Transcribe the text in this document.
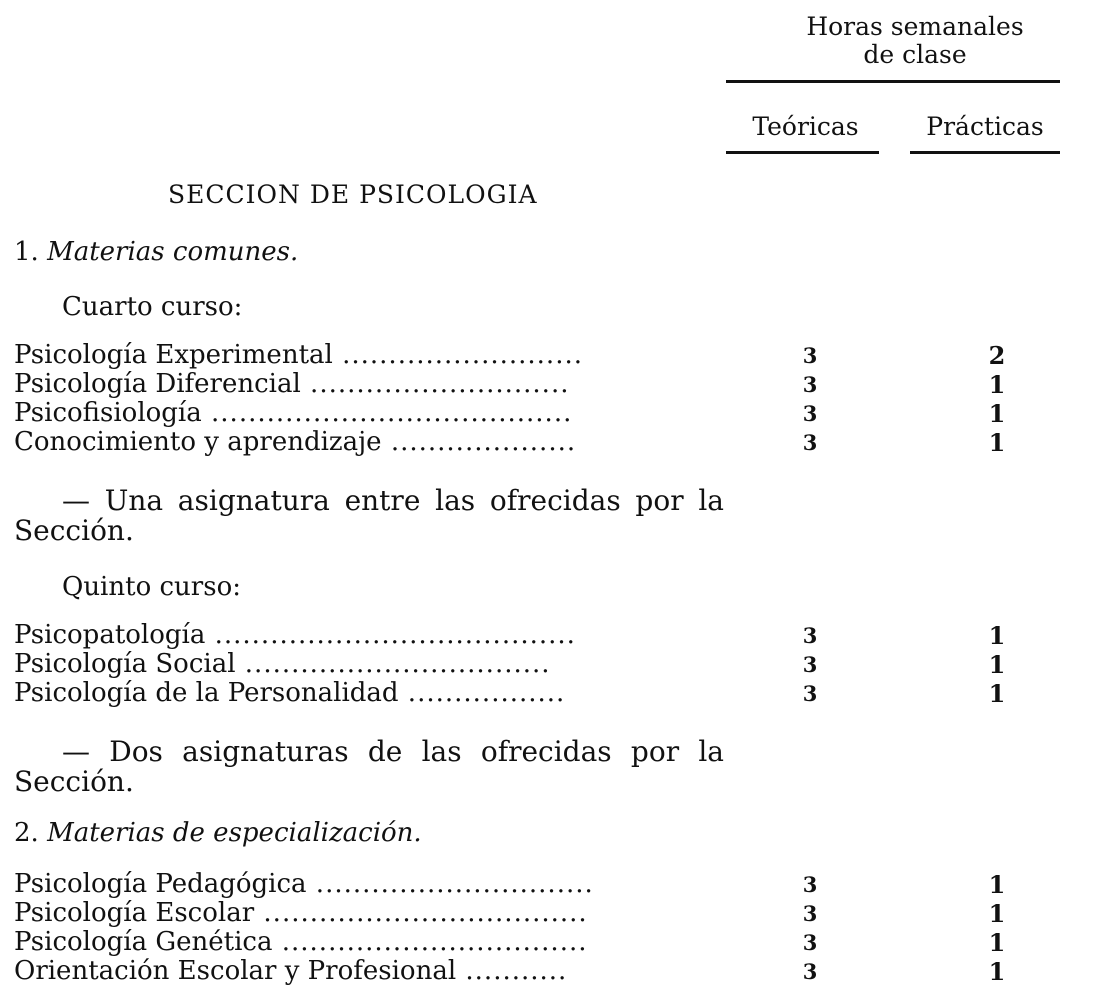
Horas semanales
de clase
Teóricas	Prácticas
SECCION DE PSICOLOGIA
1. Materias comunes.
Cuarto curso:
Psicología Experimental ..........................	3	2
Psicología Diferencial ............................	3	1
Psicofisiología .......................................	3	1
Conocimiento y aprendizaje ....................	3	1
— Una asignatura entre las ofrecidas por la Sección.
Quinto curso:
Psicopatología .......................................	3	1
Psicología Social .................................	3	1
Psicología de la Personalidad .................	3	1
— Dos asignaturas de las ofrecidas por la Sección.
2. Materias de especialización.
Psicología Pedagógica ..............................	3	1
Psicología Escolar ...................................	3	1
Psicología Genética .................................	3	1
Orientación Escolar y Profesional ...........	3	1
